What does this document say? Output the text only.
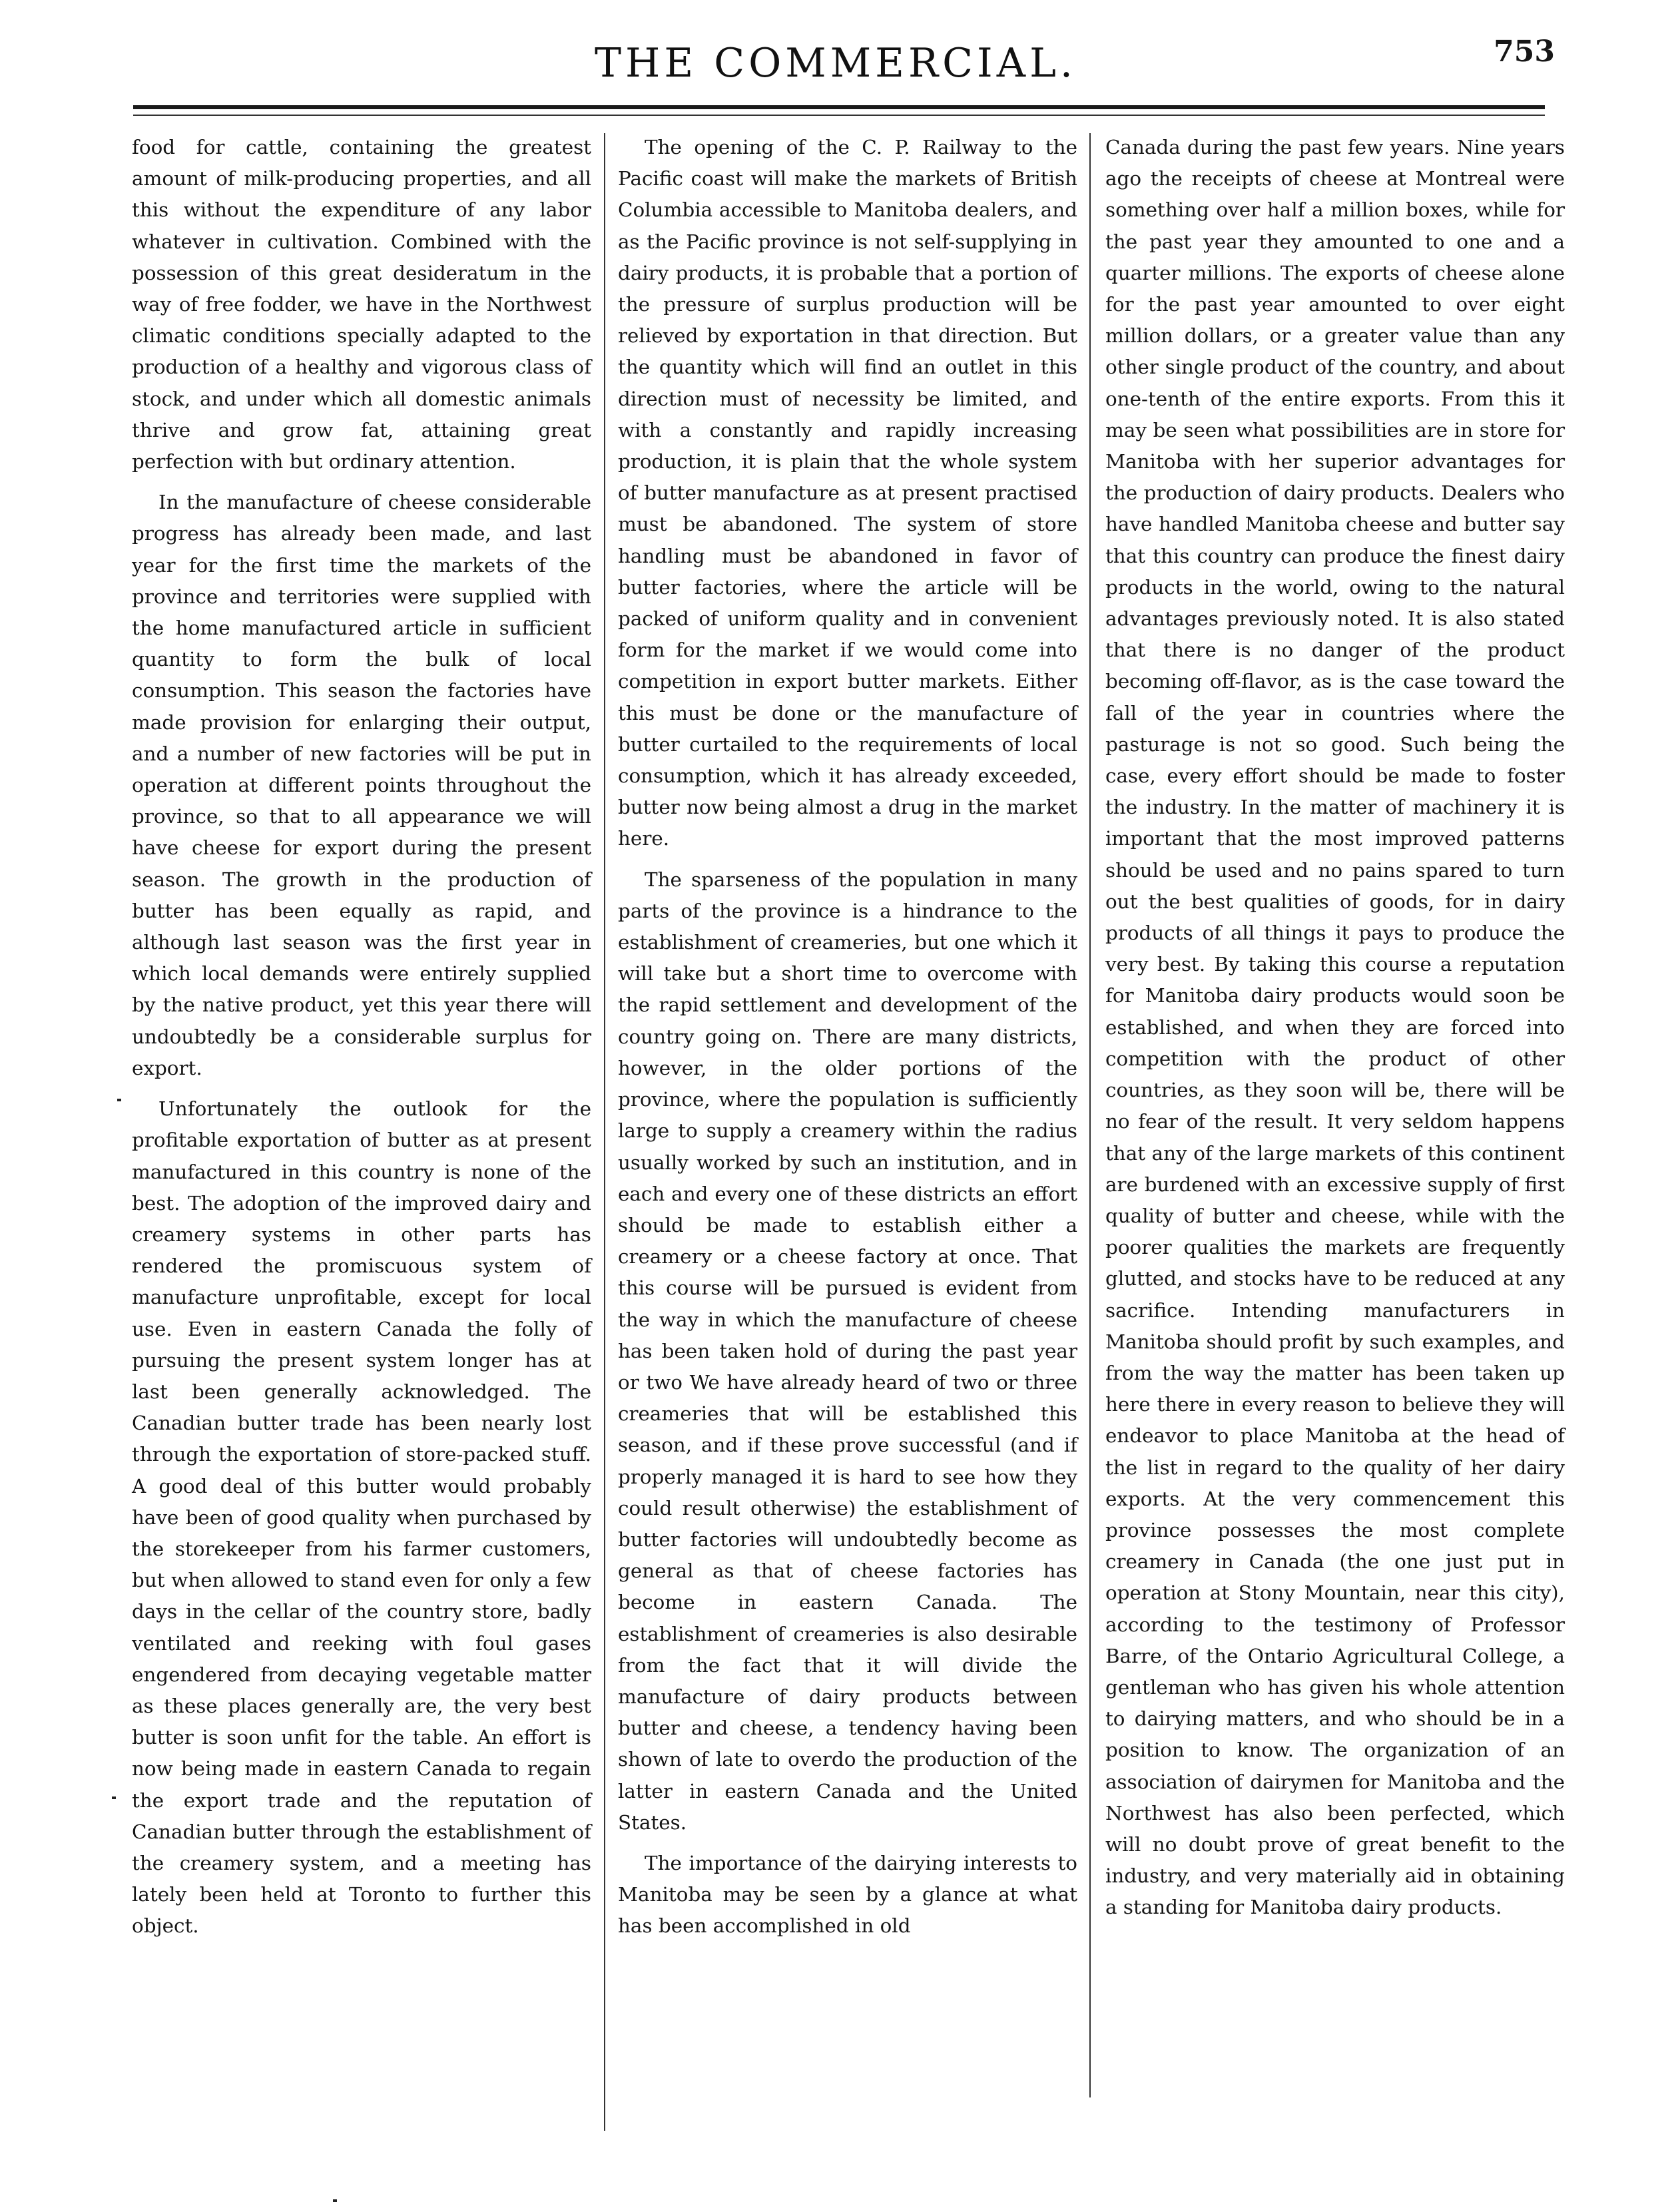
THE COMMERCIAL.	753

food for cattle, containing the greatest amount of milk-producing properties, and all this without the expenditure of any labor whatever in cultivation. Combined with the possession of this great desideratum in the way of free fodder, we have in the Northwest climatic conditions specially adapted to the production of a healthy and vigorous class of stock, and under which all domestic animals thrive and grow fat, attaining great perfection with but ordinary attention.

In the manufacture of cheese considerable progress has already been made, and last year for the first time the markets of the province and territories were supplied with the home manufactured article in sufficient quantity to form the bulk of local consumption. This season the factories have made provision for enlarging their output, and a number of new factories will be put in operation at different points throughout the province, so that to all appearance we will have cheese for export during the present season. The growth in the production of butter has been equally as rapid, and although last season was the first year in which local demands were entirely supplied by the native product, yet this year there will undoubtedly be a considerable surplus for export.

Unfortunately the outlook for the profitable exportation of butter as at present manufactured in this country is none of the best. The adoption of the improved dairy and creamery systems in other parts has rendered the promiscuous system of manufacture unprofitable, except for local use. Even in eastern Canada the folly of pursuing the present system longer has at last been generally acknowledged. The Canadian butter trade has been nearly lost through the exportation of store-packed stuff. A good deal of this butter would probably have been of good quality when purchased by the storekeeper from his farmer customers, but when allowed to stand even for only a few days in the cellar of the country store, badly ventilated and reeking with foul gases engendered from decaying vegetable matter as these places generally are, the very best butter is soon unfit for the table. An effort is now being made in eastern Canada to regain the export trade and the reputation of Canadian butter through the establishment of the creamery system, and a meeting has lately been held at Toronto to further this object.

The opening of the C. P. Railway to the Pacific coast will make the markets of British Columbia accessible to Manitoba dealers, and as the Pacific province is not self-supplying in dairy products, it is probable that a portion of the pressure of surplus production will be relieved by exportation in that direction. But the quantity which will find an outlet in this direction must of necessity be limited, and with a constantly and rapidly increasing production, it is plain that the whole system of butter manufacture as at present practised must be abandoned. The system of store handling must be abandoned in favor of butter factories, where the article will be packed of uniform quality and in convenient form for the market if we would come into competition in export butter markets. Either this must be done or the manufacture of butter curtailed to the requirements of local consumption, which it has already exceeded, butter now being almost a drug in the market here.

The sparseness of the population in many parts of the province is a hindrance to the establishment of creameries, but one which it will take but a short time to overcome with the rapid settlement and development of the country going on. There are many districts, however, in the older portions of the province, where the population is sufficiently large to supply a creamery within the radius usually worked by such an institution, and in each and every one of these districts an effort should be made to establish either a creamery or a cheese factory at once. That this course will be pursued is evident from the way in which the manufacture of cheese has been taken hold of during the past year or two We have already heard of two or three creameries that will be established this season, and if these prove successful (and if properly managed it is hard to see how they could result otherwise) the establishment of butter factories will undoubtedly become as general as that of cheese factories has become in eastern Canada. The establishment of creameries is also desirable from the fact that it will divide the manufacture of dairy products between butter and cheese, a tendency having been shown of late to overdo the production of the latter in eastern Canada and the United States.

The importance of the dairying interests to Manitoba may be seen by a glance at what has been accomplished in old

Canada during the past few years. Nine years ago the receipts of cheese at Montreal were something over half a million boxes, while for the past year they amounted to one and a quarter millions. The exports of cheese alone for the past year amounted to over eight million dollars, or a greater value than any other single product of the country, and about one-tenth of the entire exports. From this it may be seen what possibilities are in store for Manitoba with her superior advantages for the production of dairy products. Dealers who have handled Manitoba cheese and butter say that this country can produce the finest dairy products in the world, owing to the natural advantages previously noted. It is also stated that there is no danger of the product becoming off-flavor, as is the case toward the fall of the year in countries where the pasturage is not so good. Such being the case, every effort should be made to foster the industry. In the matter of machinery it is important that the most improved patterns should be used and no pains spared to turn out the best qualities of goods, for in dairy products of all things it pays to produce the very best. By taking this course a reputation for Manitoba dairy products would soon be established, and when they are forced into competition with the product of other countries, as they soon will be, there will be no fear of the result. It very seldom happens that any of the large markets of this continent are burdened with an excessive supply of first quality of butter and cheese, while with the poorer qualities the markets are frequently glutted, and stocks have to be reduced at any sacrifice. Intending manufacturers in Manitoba should profit by such examples, and from the way the matter has been taken up here there in every reason to believe they will endeavor to place Manitoba at the head of the list in regard to the quality of her dairy exports. At the very commencement this province possesses the most complete creamery in Canada (the one just put in operation at Stony Mountain, near this city), according to the testimony of Professor Barre, of the Ontario Agricultural College, a gentleman who has given his whole attention to dairying matters, and who should be in a position to know. The organization of an association of dairymen for Manitoba and the Northwest has also been perfected, which will no doubt prove of great benefit to the industry, and very materially aid in obtaining a standing for Manitoba dairy products.
